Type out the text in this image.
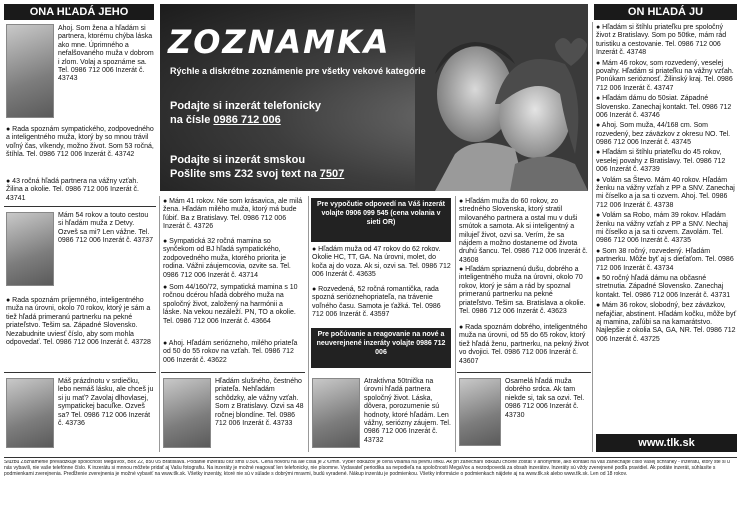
ONA HĽADÁ JEHO	ON HĽADÁ JU
ZOZNAMKA
Rýchle a diskrétne zoznámenie pre všetky vekové kategórie
Podajte si inzerát telefonicky
na čísle 0986 712 006
Podajte si inzerát smskou
Pošlite sms Z32 svoj text na 7507
Ahoj. Som žena a hľadám si partnera, ktorému chýba láska ako mne. Úprimného a nefalšovaného muža v dobrom i zlom. Volaj a spoznáme sa. Tel. 0986 712 006 Inzerát č. 43743
● Rada spoznám sympatického, zodpovedného a inteligentného muža, ktorý by so mnou trávil voľný čas, víkendy, možno život. Som 53 ročná, štíhla. Tel. 0986 712 006 Inzerát č. 43742
● 43 ročná hľadá partnera na vážny vzťah. Žilina a okolie. Tel. 0986 712 006 Inzerát č. 43741
Mám 54 rokov a touto cestou si hľadám muža z Detvy. Ozveš sa mi? Len vážne. Tel. 0986 712 006 Inzerát č. 43737
● Rada spoznám príjemného, inteligentného muža na úrovni, okolo 70 rokov, ktorý je sám a tiež hľadá primeranú partnerku na pekné priateľstvo. Tešim sa. Západné Slovensko. Nezabudnite uviesť číslo, aby som mohla odpovedať. Tel. 0986 712 006 Inzerát č. 43728
Máš prázdnotu v srdiečku, lebo nemáš lásku, ale chceš ju si ju mať? Zavolaj dlhovlasej, sympatickej bacuľke. Ozveš sa? Tel. 0986 712 006 Inzerát č. 43736
● Mám 41 rokov. Nie som krásavica, ale milá žena. Hľadám milého muža, ktorý má bude ľúbiť. Ba z Bratislavy. Tel. 0986 712 006 Inzerát č. 43726
● Sympatická 32 ročná mamina so synčekom od BJ hľadá sympatického, zodpovedného muža, ktorého priorita je rodina. Vážni záujemcovia, ozvite sa. Tel. 0986 712 006 Inzerát č. 43714
● Som 44/160/72, sympatická mamina s 10 ročnou dcérou hľadá dobrého muža na spoločný život, založený na harmónii a láske. Na vekou nezáleží. PN, TO a okolie. Tel. 0986 712 006 Inzerát č. 43664
● Ahoj. Hľadám seriózneho, milého priateľa od 50 do 55 rokov na vzťah. Tel. 0986 712 006 Inzerát č. 43622
Hľadám slušného, čestného priateľa. Nehľadám schôdzky, ale vážny vzťah. Som z Bratislavy. Ozvi sa 48 ročnej blondíne. Tel. 0986 712 006 Inzerát č. 43733
Pre vypočutie odpovedí na Váš inzerát volajte 0906 099 545 (cena volania v sieti OR)
● Hľadám muža od 47 rokov do 62 rokov. Okolie HC, TT, GA. Na úrovni, molet, do koča aj do voza. Ak si, ozvi sa. Tel. 0986 712 006 Inzerát č. 43635
● Rozvedená, 52 ročná romantička, rada spozná serióznehopriateľa, na trávenie voľného času. Samota je ťažká. Tel. 0986 712 006 Inzerát č. 43597
Pre počúvanie a reagovanie na nové a neuverejnené inzeráty volajte 0986 712 006
Atraktívna 50tnička na úrovni hľadá partnera spoločný život. Láska, dôvera, porozumenie sú hodnoty, ktoré hľadám. Len vážny, seriózny záujem. Tel. 0986 712 006 Inzerát č. 43732
● Hľadám muža do 60 rokov, zo stredného Slovenska, ktorý stratil milovaného partnera a ostal mu v duši smútok a samota. Ak si inteligentný a milujeľ život, ozvi sa. Verím, že sa nájdem a možno dostaneme od života druhú šancu. Tel. 0986 712 006 Inzerát č. 43608
● Hľadám spriaznenú dušu, dobrého a inteligentného muža na úrovni, okolo 70 rokov, ktorý je sám a rád by spoznal primeranú partnerku na pekné priateľstvo. Tešim sa. Bratislava a okolie. Tel. 0986 712 006 Inzerát č. 43623
● Rada spoznám dobrého, inteligentného muža na úrovni, od 55 do 65 rokov, ktorý tiež hľadá ženu, partnerku, na pekný život vo dvojici. Tel. 0986 712 006 Inzerát č. 43607
Osamelá hľadá muža dobrého srdca. Ak tam niekde si, tak sa ozvi. Tel. 0986 712 006 Inzerát č. 43730
● Hľadám si štíhlu priateľku pre spoločný život z Bratislavy. Som po 50tke, mám rád turistiku a cestovanie. Tel. 0986 712 006 Inzerát č. 43748
● Mám 46 rokov, som rozvedený, veselej povahy. Hľadám si priateľku na vážny vzťah. Ponúkam serióznosť. Žilinský kraj. Tel. 0986 712 006 Inzerát č. 43747
● Hľadám dámu do 50siat. Západné Slovensko. Zanechaj kontakt. Tel. 0986 712 006 Inzerát č. 43746
● Ahoj. Som muža, 44/168 cm. Som rozvedený, bez záväzkov z okresu NO. Tel. 0986 712 006 Inzerát č. 43745
● Hľadám si štíhlu priateľku do 45 rokov, veselej povahy z Bratislavy. Tel. 0986 712 006 Inzerát č. 43739
● Volám sa Števo. Mám 40 rokov. Hľadám ženku na vážny vzťah z PP a SNV. Zanechaj mi číselko a ja sa ti ozvem. Ahoj. Tel. 0986 712 006 Inzerát č. 43738
● Volám sa Robo, mám 39 rokov. Hľadám ženku na vážny vzťah z PP a SNV. Nechaj mi číselko a ja sa ti ozvem. Zavolám. Tel. 0986 712 006 Inzerát č. 43735
● Som 38 ročný, rozvedený. Hľadám partnerku. Môže byť aj s dieťaťom. Tel. 0986 712 006 Inzerát č. 43734
● 50 ročný hľadá dámu na občasné stretnutia. Západné Slovensko. Zanechaj kontakt. Tel. 0986 712 006 Inzerát č. 43731
● Mám 36 rokov, slobodný, bez záväzkov, nefajčiar, abstinent. Hľadám kočku, môže byť aj mamina, zaľúbi sa na kamarátstvo. Najlepšie z okolia SA, GA, NR. Tel. 0986 712 006 Inzerát č. 43725
www.tlk.sk
Službu Zoznámenie prevádzkuje spoločnosť MegaVox, Box 22, 850 05 Bratislava. Podanie inzerátu cez sms 0.50€. Cena hovoru na ale čísla je 2 €/min. Výber odkazov je cena volania na pevnú linku. Ak pri zanechaní odkazu chcete zostať v anonymite, ako kontakt na vás zanechajte číslo vašej schránky - inzerátu, ktorý ste si u nás vybavili, nie vaše telefónne číslo. K inzerátu si mnnou môžete pridať aj Vašu fotografiu. Na inzeráty je možné reagovať len telefonicky, nie písomne. Vydavateľ periodika sa nepodieľa na spoločnosti MegaVox a nezodpovedá za obsah inzerátov. Inzeráty sú vždy zverejnené podľa pravidiel. Ak podáte inzerát, súhlasíte s podmienkami zverejnenia. Predĺženie zverejnenia je možné vybaviť na www.tlk.sk. Všetky inzeráty, ktoré nie sú v súlade s dobrými mravmi, budú vyradené. Nákup inzerátu je podmienkou. Všetky informácie o podmienkach nájdete aj na www.tlk.sk alebo www.tlk.sk. Len od 18 rokov.
